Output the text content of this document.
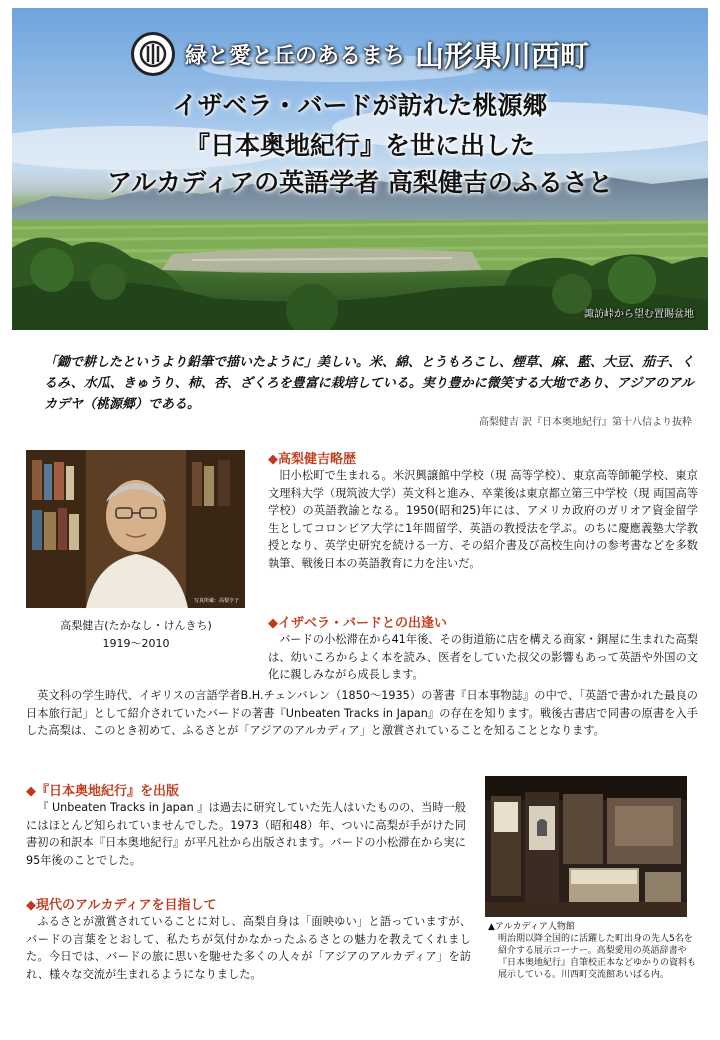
緑と愛と丘のあるまち 山形県川西町
イザベラ・バードが訪れた桃源郷
『日本奥地紀行』を世に出した
アルカディアの英語学者 高梨健吉のふるさと
諏訪峠から望む置賜盆地
「鋤で耕したというより鉛筆で描いたように」美しい。米、綿、とうもろこし、煙草、麻、藍、大豆、茄子、くるみ、水瓜、きゅうり、柿、杏、ざくろを豊富に栽培している。実り豊かに微笑する大地であり、アジアのアルカデヤ（桃源郷）である。
高梨健吉 訳『日本奥地紀行』第十八信より抜粋
写真所蔵：高梨亨子
高梨健吉(たかなし・けんきち)
1919～2010
◆高梨健吉略歴
旧小松町で生まれる。米沢興譲館中学校（現 高等学校）、東京高等師範学校、東京文理科大学（現筑波大学）英文科と進み、卒業後は東京都立第三中学校（現 両国高等学校）の英語教諭となる。1950(昭和25)年には、アメリカ政府のガリオア資金留学生としてコロンビア大学に1年間留学、英語の教授法を学ぶ。のちに慶應義塾大学教授となり、英学史研究を続ける一方、その紹介書及び高校生向けの参考書などを多数執筆、戦後日本の英語教育に力を注いだ。
◆イザベラ・バードとの出逢い
バードの小松滞在から41年後、その街道筋に店を構える商家・銅屋に生まれた高梨は、幼いころからよく本を読み、医者をしていた叔父の影響もあって英語や外国の文化に親しみながら成長します。
英文科の学生時代、イギリスの言語学者B.H.チェンバレン（1850～1935）の著書『日本事物誌』の中で、「英語で書かれた最良の日本旅行記」として紹介されていたバードの著書『Unbeaten Tracks in Japan』の存在を知ります。戦後古書店で同書の原書を入手した高梨は、このとき初めて、ふるさとが「アジアのアルカディア」と激賞されていることを知ることとなります。
◆『日本奥地紀行』を出版
『 Unbeaten Tracks in Japan 』は過去に研究していた先人はいたものの、当時一般にはほとんど知られていませんでした。1973（昭和48）年、ついに高梨が手がけた同書初の和訳本『日本奥地紀行』が平凡社から出版されます。バードの小松滞在から実に95年後のことでした。
◆現代のアルカディアを目指して
ふるさとが激賞されていることに対し、高梨自身は「面映ゆい」と語っていますが、バードの言葉をとおして、私たちが気付かなかったふるさとの魅力を教えてくれました。今日では、バードの旅に思いを馳せた多くの人々が「アジアのアルカディア」を訪れ、様々な交流が生まれるようになりました。
▲アルカディア人物館
明治期以降全国的に活躍した町出身の先人5名を紹介する展示コーナー。高梨愛用の英語辞書や『日本奥地紀行』自筆校正本などゆかりの資料も展示している。川西町交流館あいぱる内。
